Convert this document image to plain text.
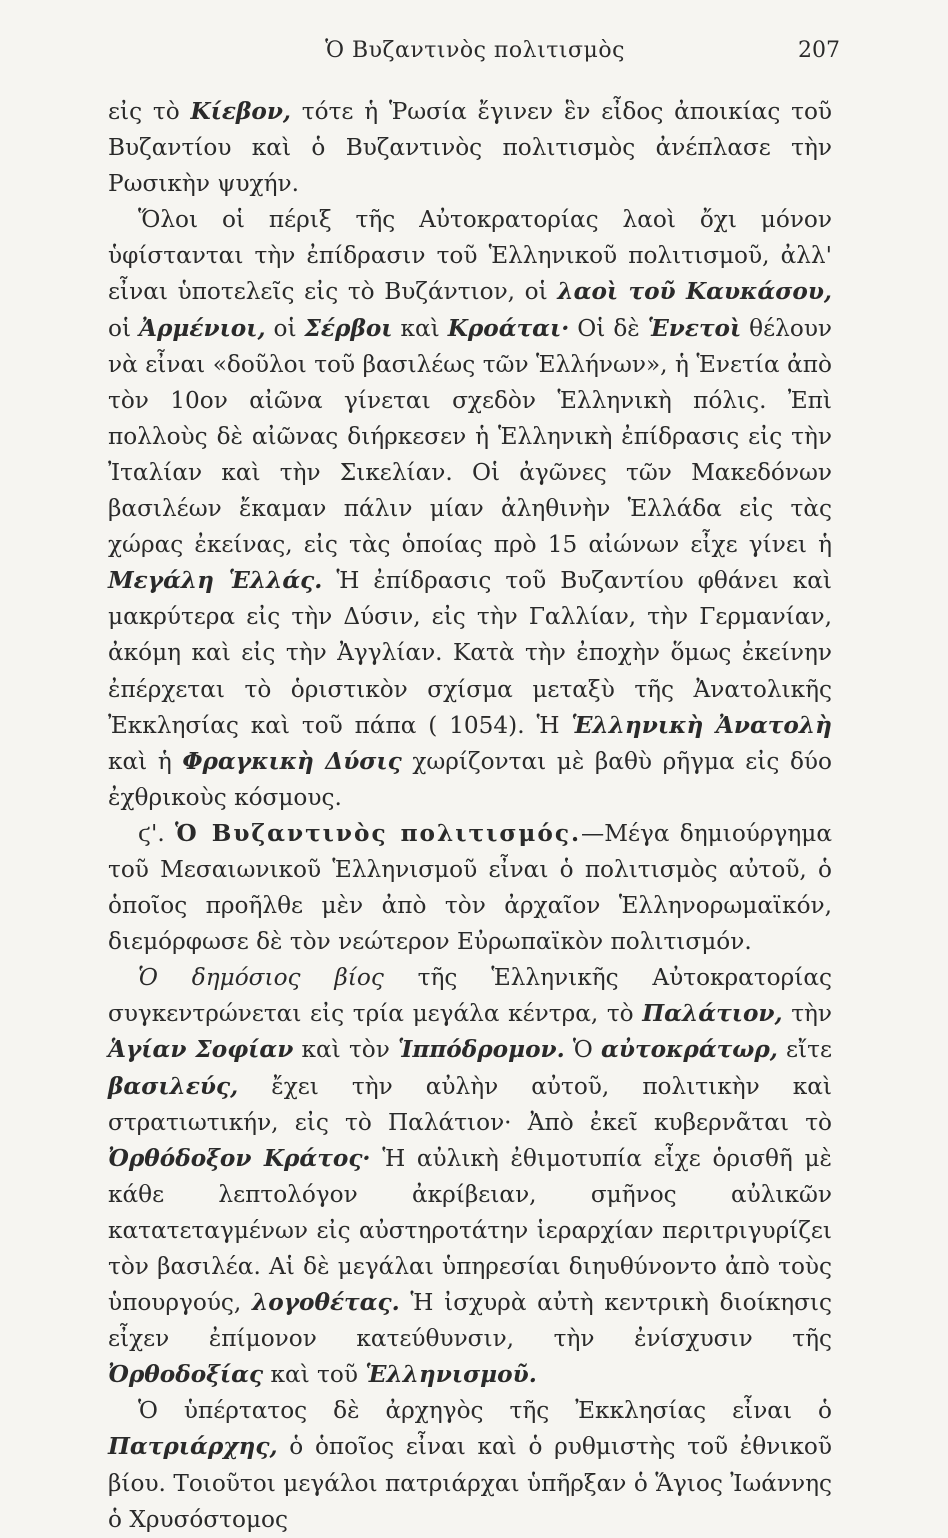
Ὁ Βυζαντινὸς πολιτισμὸς	207

εἰς τὸ Κίεβον, τότε ἡ Ῥωσία ἔγινεν ἓν εἶδος ἀποικίας τοῦ Βυζαντίου καὶ ὁ Βυζαντινὸς πολιτισμὸς ἀνέπλασε τὴν Ρωσικὴν ψυχήν.

Ὅλοι οἱ πέριξ τῆς Αὐτοκρατορίας λαοὶ ὄχι μόνον ὑφίστανται τὴν ἐπίδρασιν τοῦ Ἑλληνικοῦ πολιτισμοῦ, ἀλλ' εἶναι ὑποτελεῖς εἰς τὸ Βυζάντιον, οἱ λαοὶ τοῦ Καυκάσου, οἱ Ἀρμένιοι, οἱ Σέρβοι καὶ Κροάται· Οἱ δὲ Ἑνετοὶ θέλουν νὰ εἶναι «δοῦλοι τοῦ βασιλέως τῶν Ἑλλήνων», ἡ Ἑνετία ἀπὸ τὸν 10ον αἰῶνα γίνεται σχεδὸν Ἑλληνικὴ πόλις. Ἐπὶ πολλοὺς δὲ αἰῶνας διήρκεσεν ἡ Ἑλληνικὴ ἐπίδρασις εἰς τὴν Ἰταλίαν καὶ τὴν Σικελίαν. Οἱ ἀγῶνες τῶν Μακεδόνων βασιλέων ἔκαμαν πάλιν μίαν ἀληθινὴν Ἑλλάδα εἰς τὰς χώρας ἐκείνας, εἰς τὰς ὁποίας πρὸ 15 αἰώνων εἶχε γίνει ἡ Μεγάλη Ἑλλάς. Ἡ ἐπίδρασις τοῦ Βυζαντίου φθάνει καὶ μακρύτερα εἰς τὴν Δύσιν, εἰς τὴν Γαλλίαν, τὴν Γερμανίαν, ἀκόμη καὶ εἰς τὴν Ἀγγλίαν. Κατὰ τὴν ἐποχὴν ὅμως ἐκείνην ἐπέρχεται τὸ ὁριστικὸν σχίσμα μεταξὺ τῆς Ἀνατολικῆς Ἐκκλησίας καὶ τοῦ πάπα ( 1054). Ἡ Ἑλληνικὴ Ἀνατολὴ καὶ ἡ Φραγκικὴ Δύσις χωρίζονται μὲ βαθὺ ρῆγμα εἰς δύο ἐχθρικοὺς κόσμους.

ϛ'. Ὁ Βυζαντινὸς πολιτισμός.—Μέγα δημιούργημα τοῦ Μεσαιωνικοῦ Ἑλληνισμοῦ εἶναι ὁ πολιτισμὸς αὐτοῦ, ὁ ὁποῖος προῆλθε μὲν ἀπὸ τὸν ἀρχαῖον Ἑλληνορωμαϊκόν, διεμόρφωσε δὲ τὸν νεώτερον Εὐρωπαϊκὸν πολιτισμόν.

Ὁ δημόσιος βίος τῆς Ἑλληνικῆς Αὐτοκρατορίας συγκεντρώνεται εἰς τρία μεγάλα κέντρα, τὸ Παλάτιον, τὴν Ἁγίαν Σοφίαν καὶ τὸν Ἱππόδρομον. Ὁ αὐτοκράτωρ, εἴτε βασιλεύς, ἔχει τὴν αὐλὴν αὐτοῦ, πολιτικὴν καὶ στρατιωτικήν, εἰς τὸ Παλάτιον· Ἀπὸ ἐκεῖ κυβερνᾶται τὸ Ὀρθόδοξον Κράτος· Ἡ αὐλικὴ ἐθιμοτυπία εἶχε ὁρισθῆ μὲ κάθε λεπτολόγον ἀκρίβειαν, σμῆνος αὐλικῶν κατατεταγμένων εἰς αὐστηροτάτην ἱεραρχίαν περιτριγυρίζει τὸν βασιλέα. Αἱ δὲ μεγάλαι ὑπηρεσίαι διηυθύνοντο ἀπὸ τοὺς ὑπουργούς, λογοθέτας. Ἡ ἰσχυρὰ αὐτὴ κεντρικὴ διοίκησις εἶχεν ἐπίμονον κατεύθυνσιν, τὴν ἐνίσχυσιν τῆς Ὀρθοδοξίας καὶ τοῦ Ἑλληνισμοῦ.

Ὁ ὑπέρτατος δὲ ἀρχηγὸς τῆς Ἐκκλησίας εἶναι ὁ Πατριάρχης, ὁ ὁποῖος εἶναι καὶ ὁ ρυθμιστὴς τοῦ ἐθνικοῦ βίου. Τοιοῦτοι μεγάλοι πατριάρχαι ὑπῆρξαν ὁ Ἅγιος Ἰωάννης ὁ Χρυσόστομος
